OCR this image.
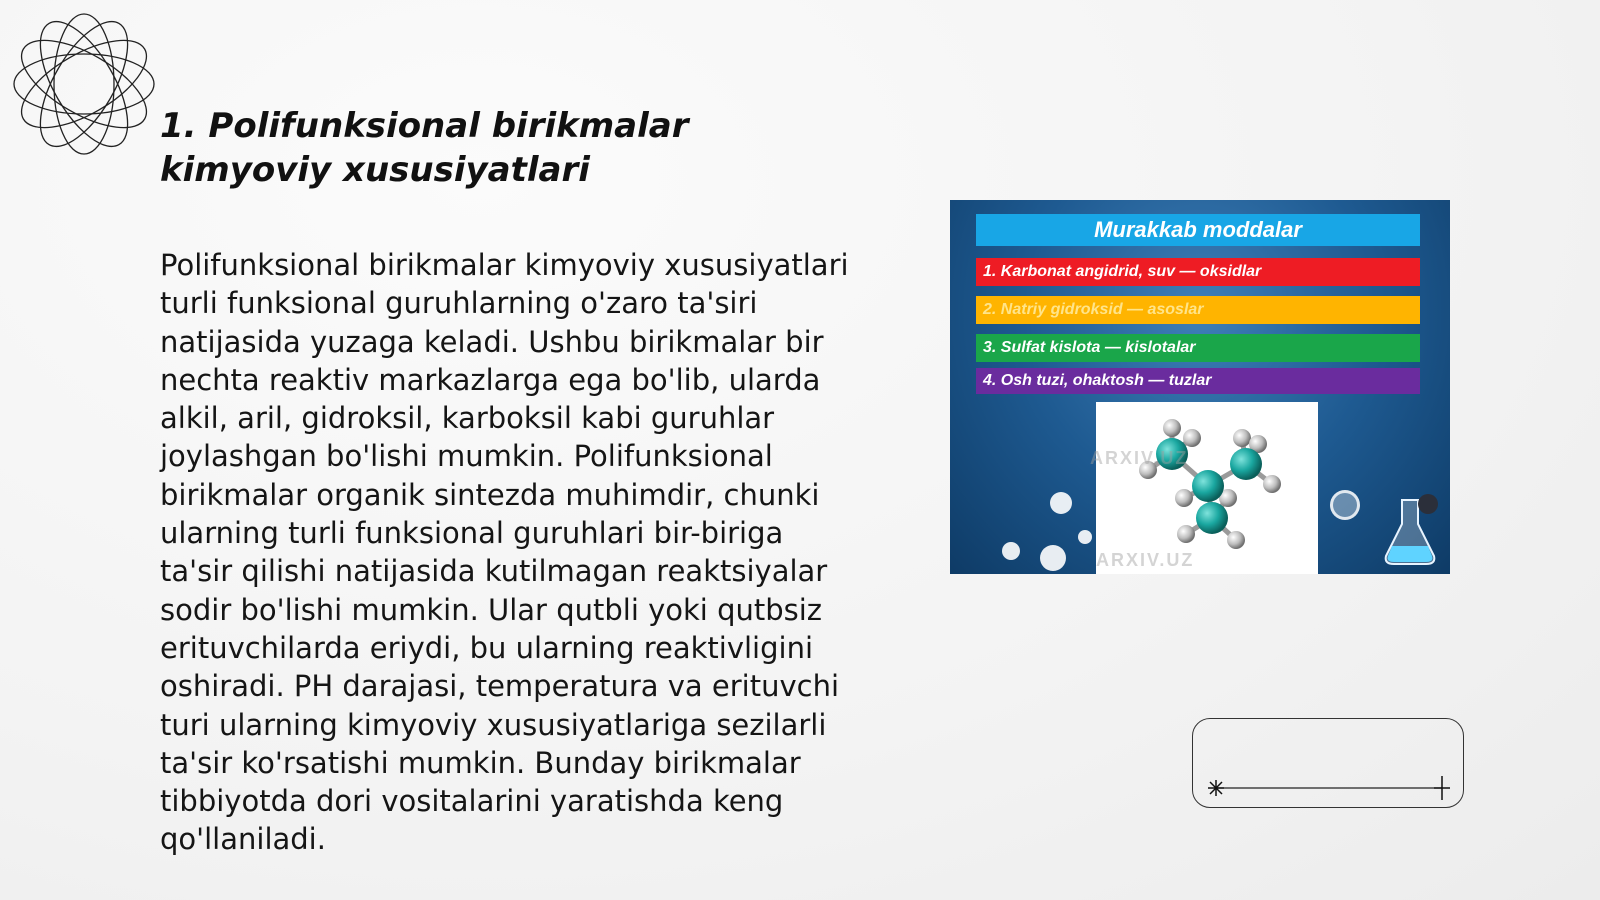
1. Polifunksional birikmalar kimyoviy xususiyatlari

Polifunksional birikmalar kimyoviy xususiyatlari turli funksional guruhlarning o'zaro ta'siri natijasida yuzaga keladi. Ushbu birikmalar bir nechta reaktiv markazlarga ega bo'lib, ularda alkil, aril, gidroksil, karboksil kabi guruhlar joylashgan bo'lishi mumkin. Polifunksional birikmalar organik sintezda muhimdir, chunki ularning turli funksional guruhlari bir-biriga ta'sir qilishi natijasida kutilmagan reaktsiyalar sodir bo'lishi mumkin. Ular qutbli yoki qutbsiz erituvchilarda eriydi, bu ularning reaktivligini oshiradi. PH darajasi, temperatura va erituvchi turi ularning kimyoviy xususiyatlariga sezilarli ta'sir ko'rsatishi mumkin. Bunday birikmalar tibbiyotda dori vositalarini yaratishda keng qo'llaniladi.

Murakkab moddalar
1. Karbonat angidrid, suv — oksidlar
2. Natriy gidroksid — asoslar
3. Sulfat kislota — kislotalar
4. Osh tuzi, ohaktosh — tuzlar
ARXIV.UZ
ARXIV.UZ
